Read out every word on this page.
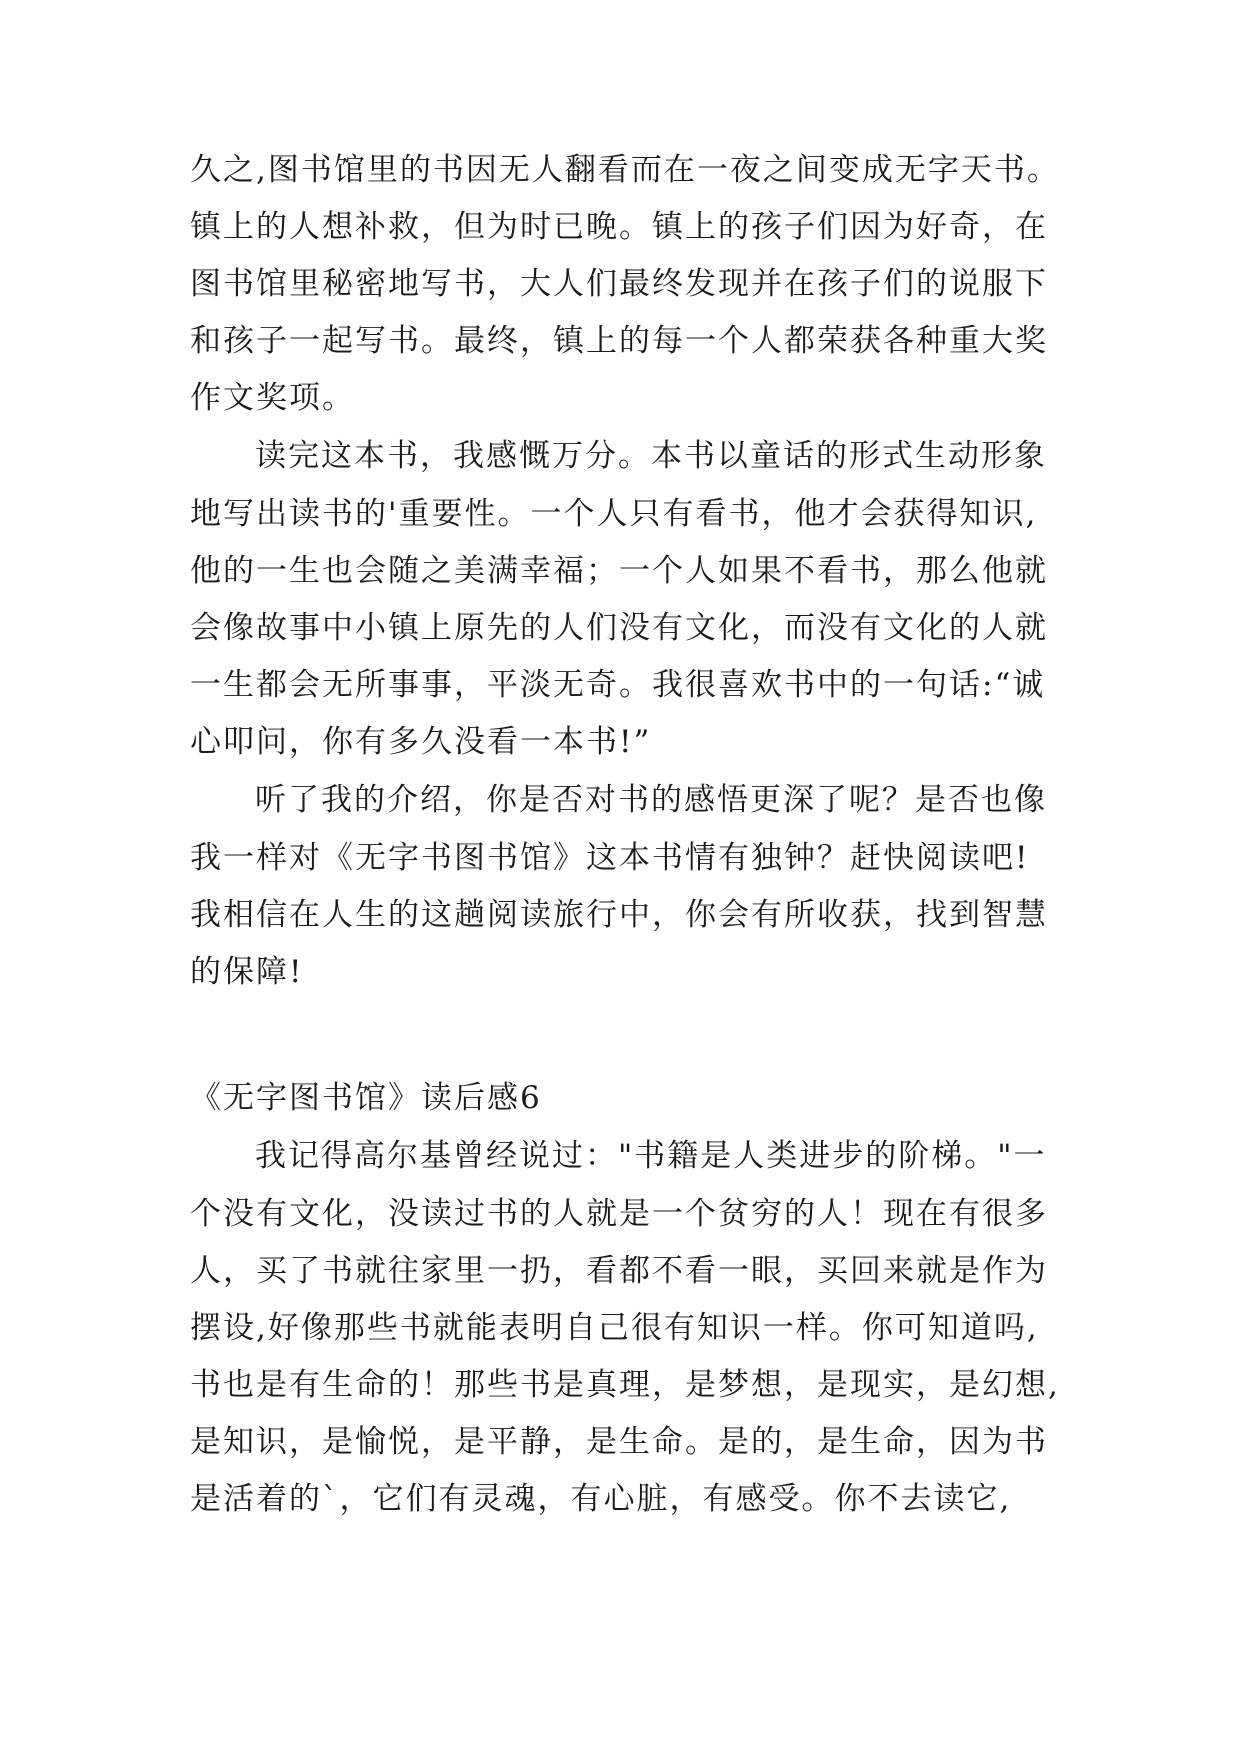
久之,图书馆里的书因无人翻看而在一夜之间变成无字天书。
镇上的人想补救，但为时已晚。镇上的孩子们因为好奇，在
图书馆里秘密地写书，大人们最终发现并在孩子们的说服下
和孩子一起写书。最终，镇上的每一个人都荣获各种重大奖
作文奖项。
读完这本书，我感慨万分。本书以童话的形式生动形象
地写出读书的'重要性。一个人只有看书，他才会获得知识,
他的一生也会随之美满幸福；一个人如果不看书，那么他就
会像故事中小镇上原先的人们没有文化，而没有文化的人就
一生都会无所事事，平淡无奇。我很喜欢书中的一句话:“诚
心叩问，你有多久没看一本书!”
听了我的介绍，你是否对书的感悟更深了呢？是否也像
我一样对《无字书图书馆》这本书情有独钟？赶快阅读吧!
我相信在人生的这趟阅读旅行中，你会有所收获，找到智慧
的保障!
《无字图书馆》读后感6
我记得高尔基曾经说过："书籍是人类进步的阶梯。"一
个没有文化，没读过书的人就是一个贫穷的人！现在有很多
人，买了书就往家里一扔，看都不看一眼，买回来就是作为
摆设,好像那些书就能表明自己很有知识一样。你可知道吗,
书也是有生命的！那些书是真理，是梦想，是现实，是幻想,
是知识，是愉悦，是平静，是生命。是的，是生命，因为书
是活着的`，它们有灵魂，有心脏，有感受。你不去读它,
